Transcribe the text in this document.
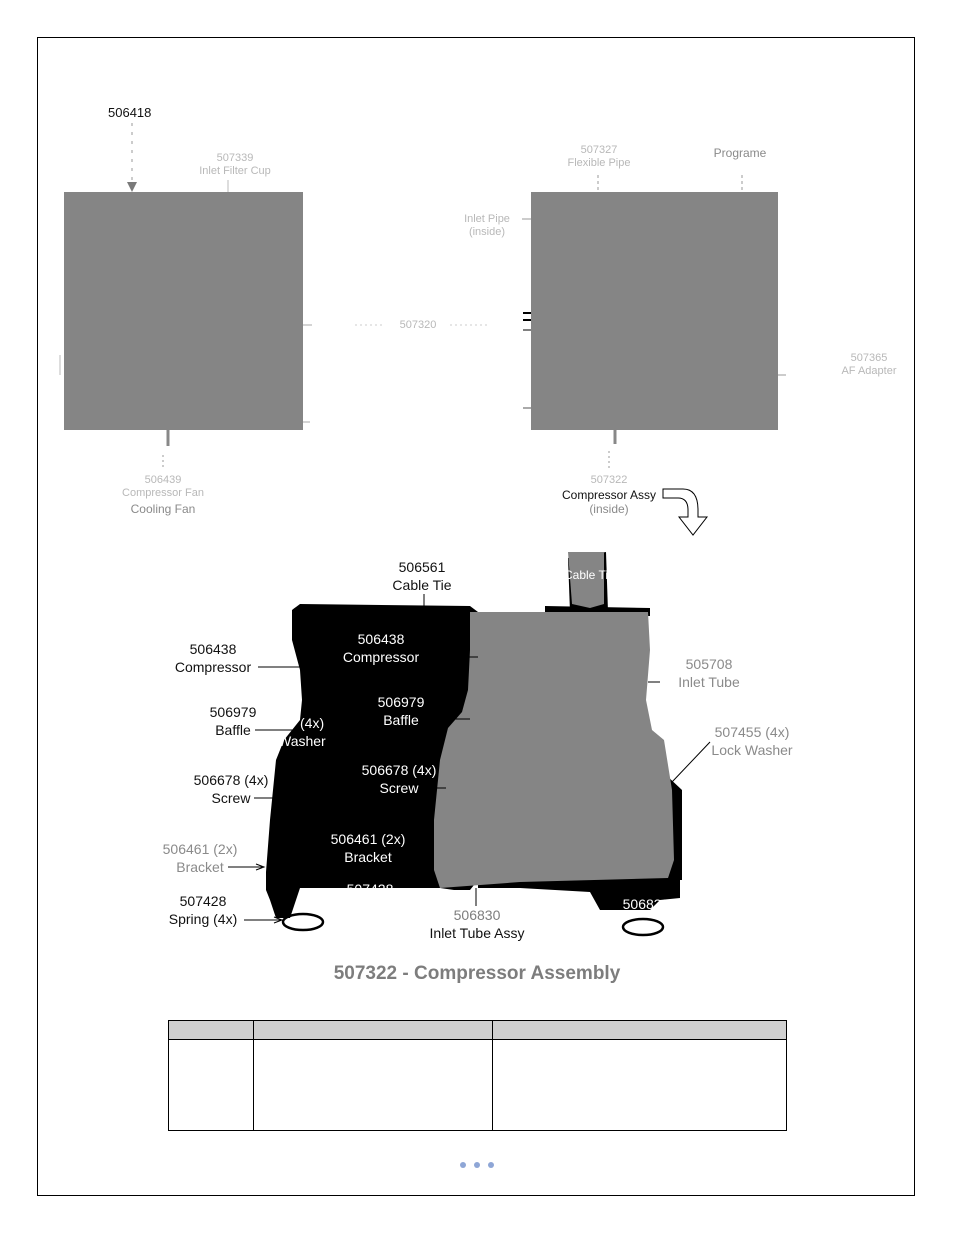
506418
507339
Inlet Filter Cup
506439
Compressor Fan
Cooling Fan
507327
Flexible Pipe
Programe
Inlet Pipe
(inside)
507320
507365
AF Adapter
507322
Compressor Assy
(inside)
506561
Cable Tie
Cable Tie
506438
Compressor
506438
Compressor	505708
Inlet Tube
506979
Baffle	(4x)
Washer
506979
Baffle
507455 (4x)
Lock Washer
506678 (4x)
Screw
506678 (4x)
Screw
506461 (2x)
Bracket
506461 (2x)
Bracket
507428
Spring (4x)
507428
506830
Inlet Tube Assy
506830
507322 - Compressor Assembly
